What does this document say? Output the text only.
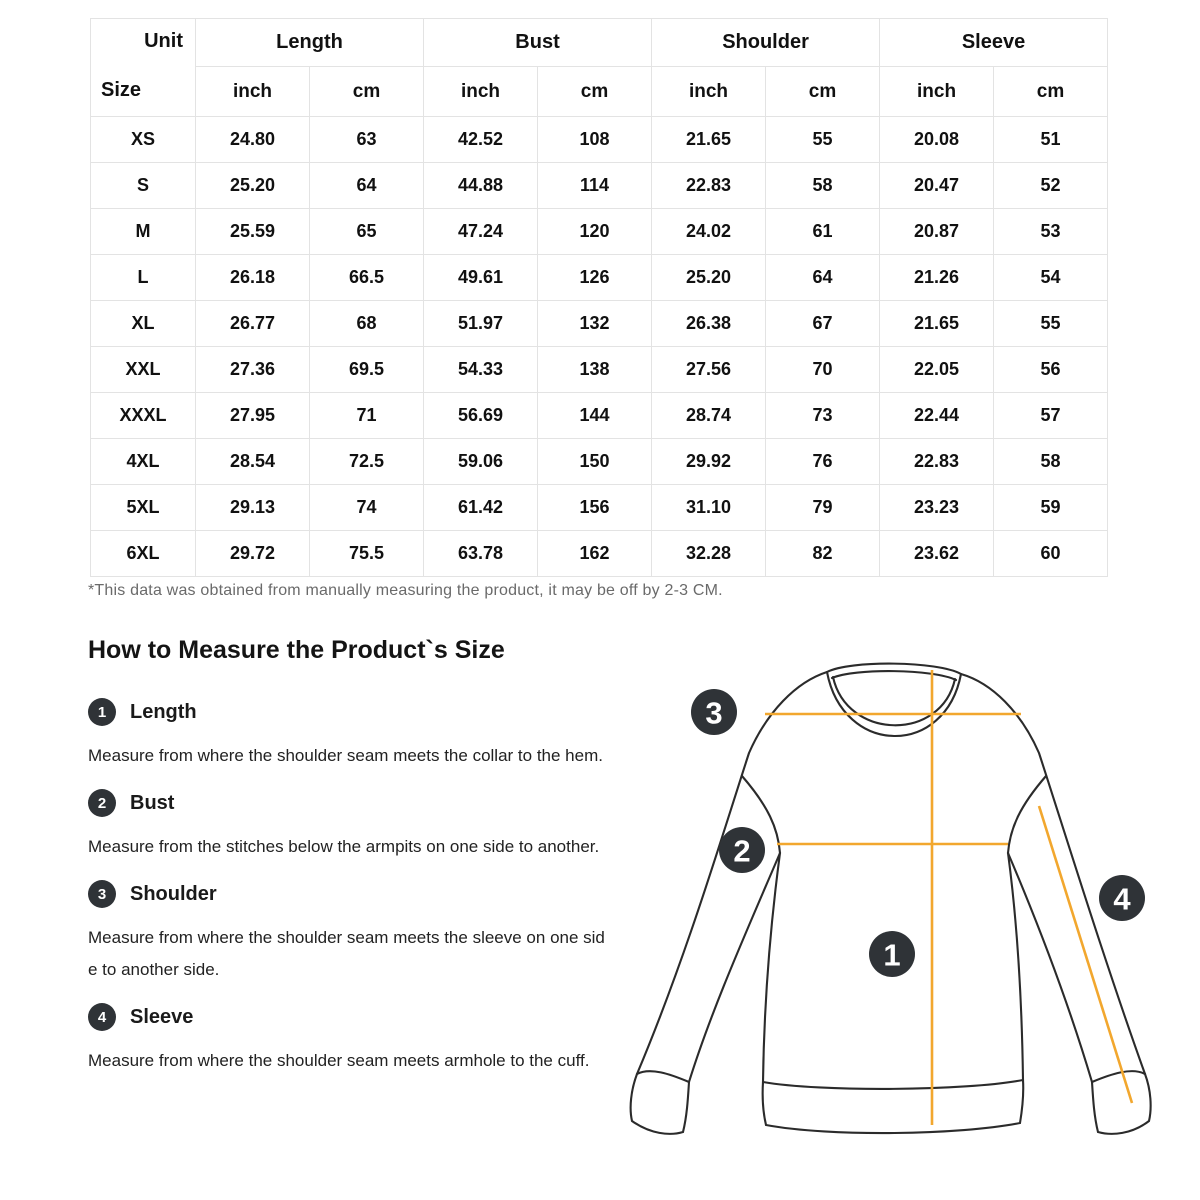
Unit
Size	Length		Bust		Shoulder		Sleeve	
	inch	cm	inch	cm	inch	cm	inch	cm
XS	24.80	63	42.52	108	21.65	55	20.08	51
S	25.20	64	44.88	114	22.83	58	20.47	52
M	25.59	65	47.24	120	24.02	61	20.87	53
L	26.18	66.5	49.61	126	25.20	64	21.26	54
XL	26.77	68	51.97	132	26.38	67	21.65	55
XXL	27.36	69.5	54.33	138	27.56	70	22.05	56
XXXL	27.95	71	56.69	144	28.74	73	22.44	57
4XL	28.54	72.5	59.06	150	29.92	76	22.83	58
5XL	29.13	74	61.42	156	31.10	79	23.23	59
6XL	29.72	75.5	63.78	162	32.28	82	23.62	60

*This data was obtained from manually measuring the product, it may be off by 2-3 CM.

How to Measure the Product`s Size
1	Length

Measure from where the shoulder seam meets the collar to the hem.

2	Bust

Measure from the stitches below the armpits on one side to another.

3	Shoulder

Measure from where the shoulder seam meets the sleeve on one side to another side.

4	Sleeve

Measure from where the shoulder seam meets armhole to the cuff.

3
2
4
1
